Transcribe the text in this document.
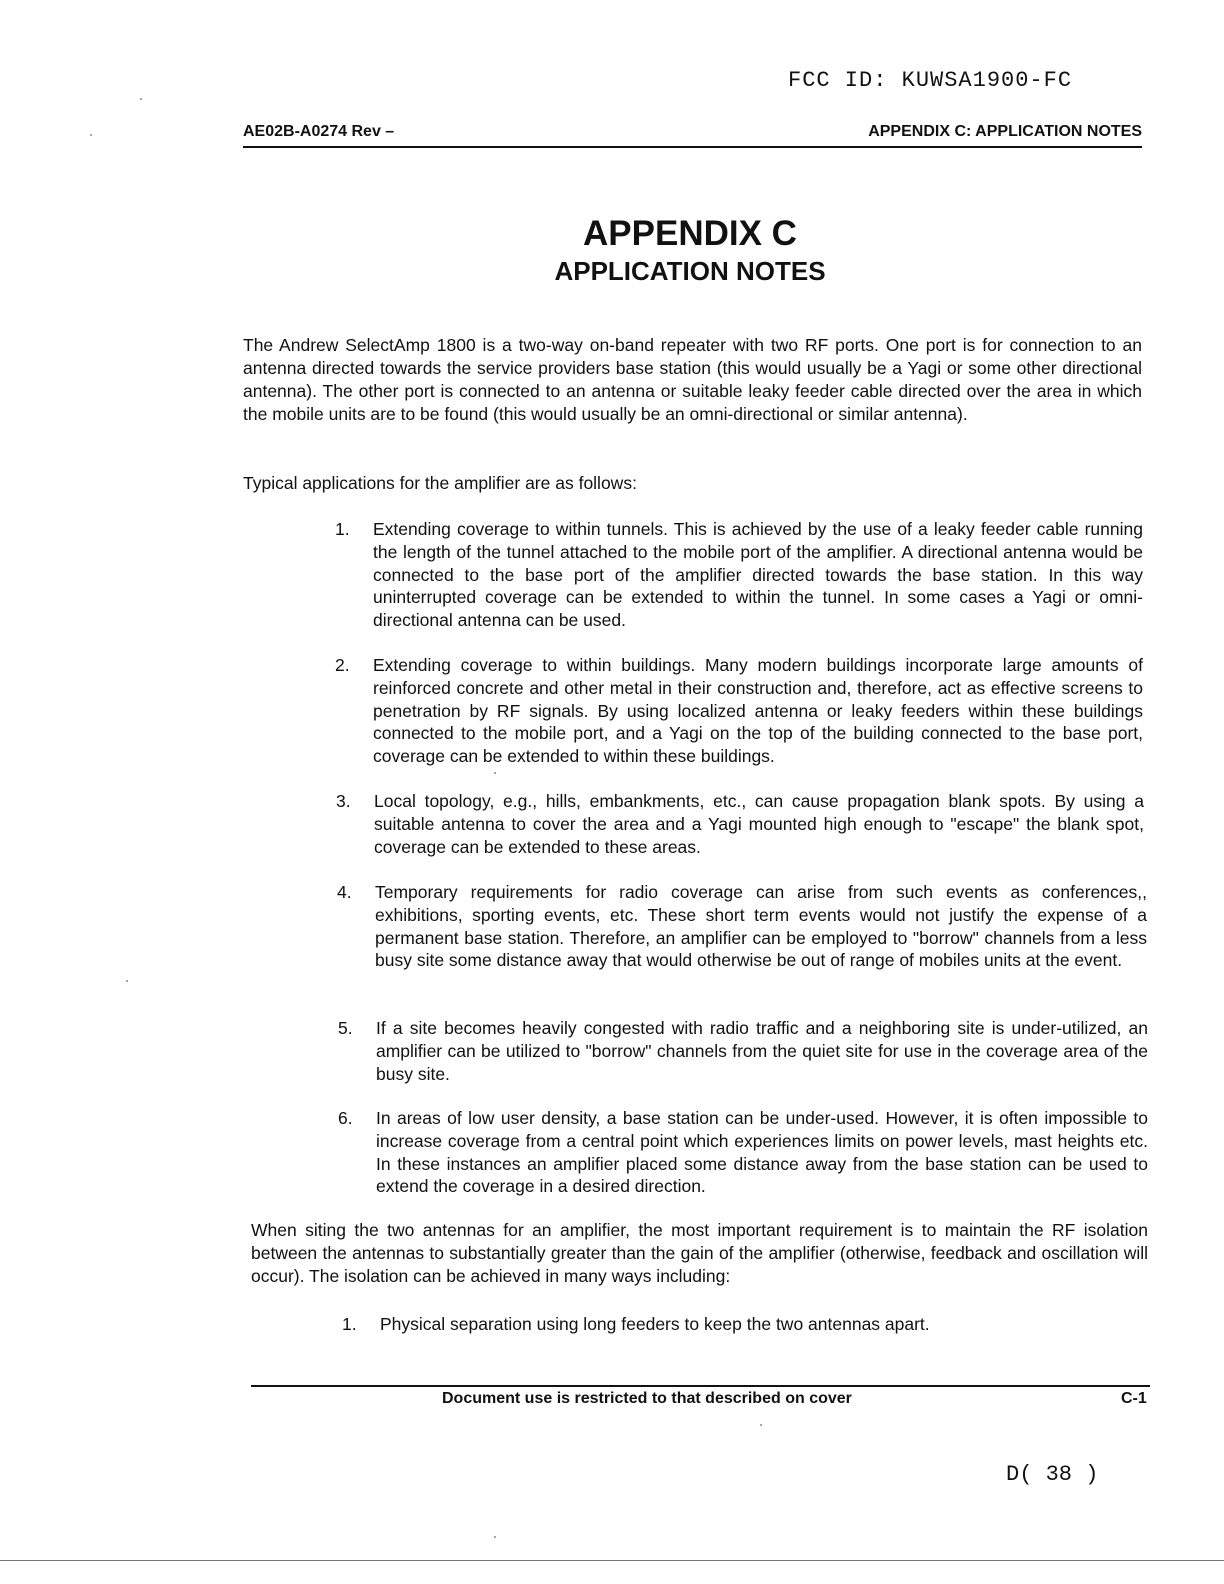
FCC ID: KUWSA1900-FC
AE02B-A0274 Rev –	APPENDIX C: APPLICATION NOTES
APPENDIX C
APPLICATION NOTES
The Andrew SelectAmp 1800 is a two-way on-band repeater with two RF ports. One port is for connection to an antenna directed towards the service providers base station (this would usually be a Yagi or some other directional antenna). The other port is connected to an antenna or suitable leaky feeder cable directed over the area in which the mobile units are to be found (this would usually be an omni-directional or similar antenna).
Typical applications for the amplifier are as follows:
1. Extending coverage to within tunnels. This is achieved by the use of a leaky feeder cable running the length of the tunnel attached to the mobile port of the amplifier. A directional antenna would be connected to the base port of the amplifier directed towards the base station. In this way uninterrupted coverage can be extended to within the tunnel. In some cases a Yagi or omni-directional antenna can be used.
2. Extending coverage to within buildings. Many modern buildings incorporate large amounts of reinforced concrete and other metal in their construction and, therefore, act as effective screens to penetration by RF signals. By using localized antenna or leaky feeders within these buildings connected to the mobile port, and a Yagi on the top of the building connected to the base port, coverage can be extended to within these buildings.
3. Local topology, e.g., hills, embankments, etc., can cause propagation blank spots. By using a suitable antenna to cover the area and a Yagi mounted high enough to "escape" the blank spot, coverage can be extended to these areas.
4. Temporary requirements for radio coverage can arise from such events as conferences,, exhibitions, sporting events, etc. These short term events would not justify the expense of a permanent base station. Therefore, an amplifier can be employed to "borrow" channels from a less busy site some distance away that would otherwise be out of range of mobiles units at the event.
5. If a site becomes heavily congested with radio traffic and a neighboring site is under-utilized, an amplifier can be utilized to "borrow" channels from the quiet site for use in the coverage area of the busy site.
6. In areas of low user density, a base station can be under-used. However, it is often impossible to increase coverage from a central point which experiences limits on power levels, mast heights etc. In these instances an amplifier placed some distance away from the base station can be used to extend the coverage in a desired direction.
When siting the two antennas for an amplifier, the most important requirement is to maintain the RF isolation between the antennas to substantially greater than the gain of the amplifier (otherwise, feedback and oscillation will occur). The isolation can be achieved in many ways including:
1. Physical separation using long feeders to keep the two antennas apart.
Document use is restricted to that described on cover	C-1
D( 38 )
